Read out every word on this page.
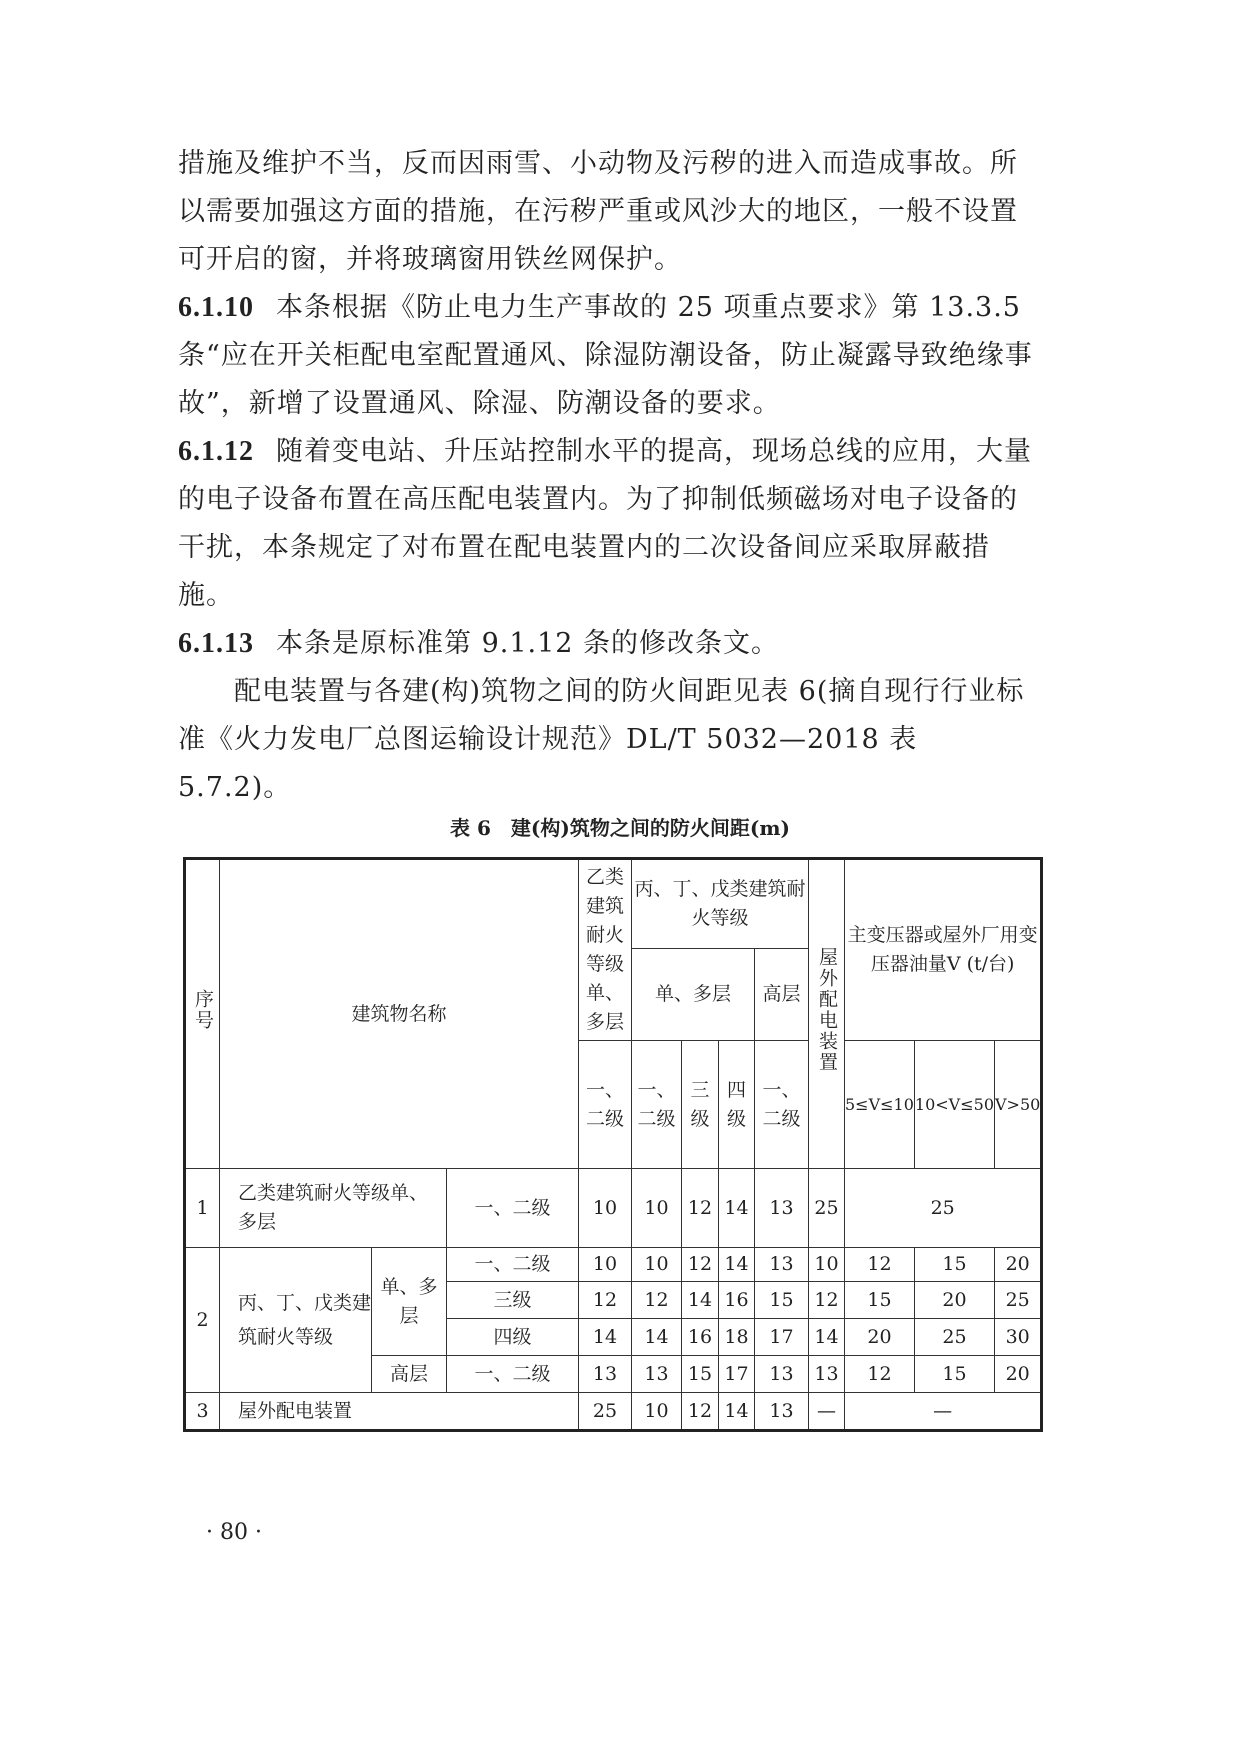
措施及维护不当，反而因雨雪、小动物及污秽的进入而造成事故。所以需要加强这方面的措施，在污秽严重或风沙大的地区，一般不设置可开启的窗，并将玻璃窗用铁丝网保护。

6.1.10 本条根据《防止电力生产事故的 25 项重点要求》第 13.3.5 条“应在开关柜配电室配置通风、除湿防潮设备，防止凝露导致绝缘事故”，新增了设置通风、除湿、防潮设备的要求。

6.1.12 随着变电站、升压站控制水平的提高，现场总线的应用，大量的电子设备布置在高压配电装置内。为了抑制低频磁场对电子设备的干扰，本条规定了对布置在配电装置内的二次设备间应采取屏蔽措施。

6.1.13 本条是原标准第 9.1.12 条的修改条文。

配电装置与各建(构)筑物之间的防火间距见表 6(摘自现行行业标准《火力发电厂总图运输设计规范》DL/T 5032—2018 表 5.7.2)。

表 6　建(构)筑物之间的防火间距(m)
序号	建筑物名称			乙类建筑耐火等级单、多层	丙、丁、戊类建筑耐火等级				屋外配电装置	主变压器或屋外厂用变压器油量V (t/台)		
					单、多层			高层				
				一、二级	一、二级	三级	四级	一、二级		5≤V≤10	10<V≤50	V>50
1	乙类建筑耐火等级单、多层		一、二级	10	10	12	14	13	25	25		
2	丙、丁、戊类建筑耐火等级	单、多层	一、二级	10	10	12	14	13	10	12	15	20
			三级	12	12	14	16	15	12	15	20	25
			四级	14	14	16	18	17	14	20	25	30
		高层	一、二级	13	13	15	17	13	13	12	15	20
3	屋外配电装置			25	10	12	14	13	—	—		
· 80 ·
